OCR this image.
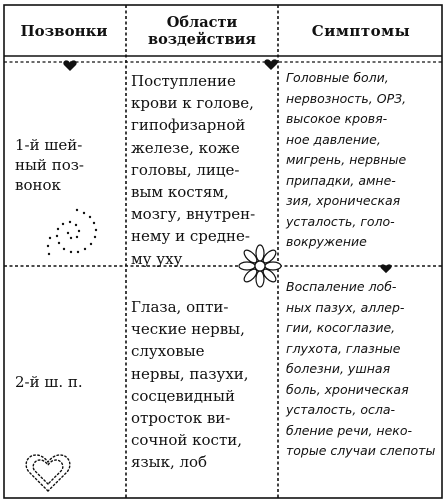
Позвонки	Области
воздействия	Симптомы
1-й шей-
ный поз-
вонок
Поступление
крови к голове,
гипофизарной
железе, коже
головы, лице-
вым костям,
мозгу, внутрен-
нему и средне-
му уху
Головные боли,
нервозность, ОРЗ,
высокое кровя-
ное давление,
мигрень, нервные
припадки, амне-
зия, хроническая
усталость, голо-
вокружение
2-й ш. п.
Глаза, опти-
ческие нервы,
слуховые
нервы, пазухи,
сосцевидный
отросток ви-
сочной кости,
язык, лоб
Воспаление лоб-
ных пазух, аллер-
гии, косоглазие,
глухота, глазные
болезни, ушная
боль, хроническая
усталость, осла-
бление речи, неко-
торые случаи слепоты
